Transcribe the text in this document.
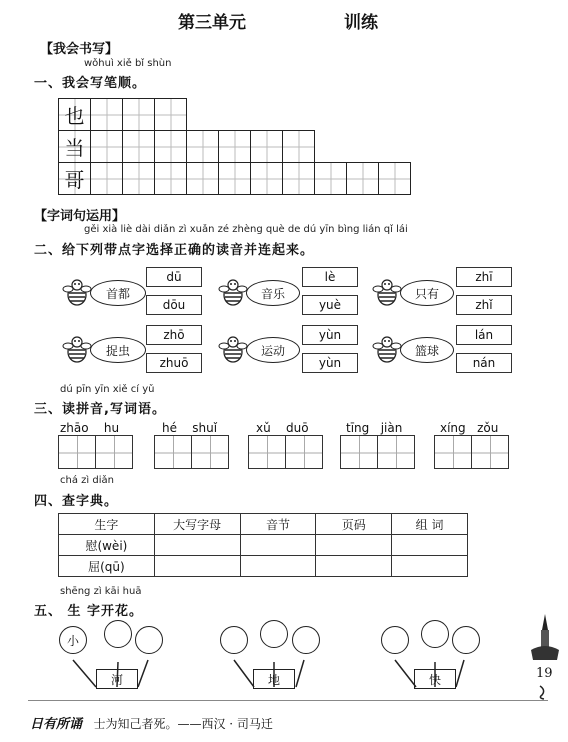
第三单元	训练
【我会书写】
wǒhuì xiě bǐ shùn
一、我会写笔顺。
也
当
哥
【字词句运用】
gěi xià liè dài diǎn zì xuǎn zé zhèng què de dú yīn bìng lián qǐ lái
二、给下列带点字选择正确的读音并连起来。
首都
dū
dōu
音乐
lè
yuè
只有
zhī
zhǐ
捉虫
zhō
zhuō
运动
yùn
yùn
篮球
lán
nán
dú pīn yīn xiě cí yǔ
三、读拼音,写词语。
zhāo hu	hé shuǐ	xǔ duō	tīng jiàn	xíng zǒu
chá zì diǎn
四、查字典。
生字	大写字母	音节	页码	组 词
慰(wèi)				
屈(qū)				
shēng zì kāi huā
五、 生 字开花。
小
河	地	快	19
日有所诵 士为知己者死。——西汉 · 司马迁
